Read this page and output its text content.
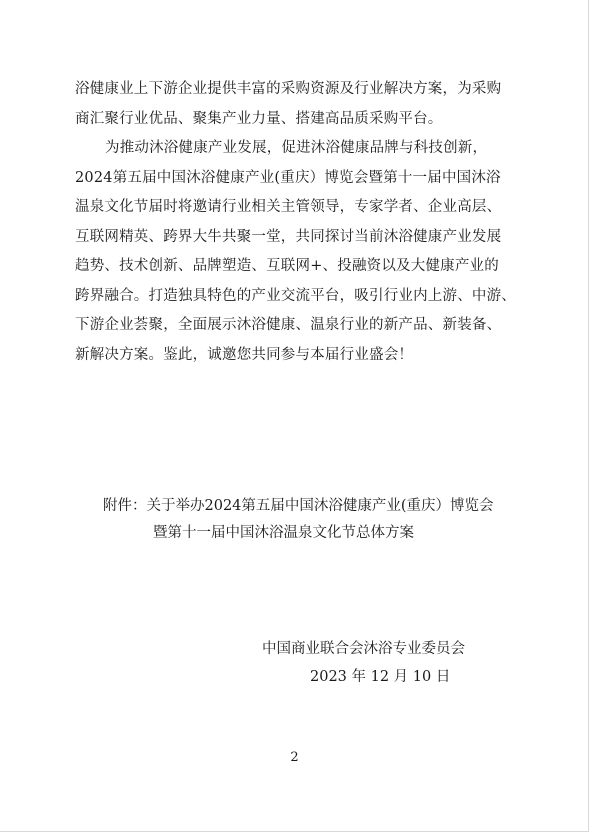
浴健康业上下游企业提供丰富的采购资源及行业解决方案，为采购
商汇聚行业优品、聚集产业力量、搭建高品质采购平台。
为推动沐浴健康产业发展，促进沐浴健康品牌与科技创新，
2024第五届中国沐浴健康产业(重庆）博览会暨第十一届中国沐浴
温泉文化节届时将邀请行业相关主管领导，专家学者、企业高层、
互联网精英、跨界大牛共聚一堂，共同探讨当前沐浴健康产业发展
趋势、技术创新、品牌塑造、互联网+、投融资以及大健康产业的
跨界融合。打造独具特色的产业交流平台，吸引行业内上游、中游、
下游企业荟聚，全面展示沐浴健康、温泉行业的新产品、新装备、
新解决方案。鉴此，诚邀您共同参与本届行业盛会！
附件：关于举办2024第五届中国沐浴健康产业(重庆）博览会
暨第十一届中国沐浴温泉文化节总体方案
中国商业联合会沐浴专业委员会
2023 年 12 月 10 日
2
